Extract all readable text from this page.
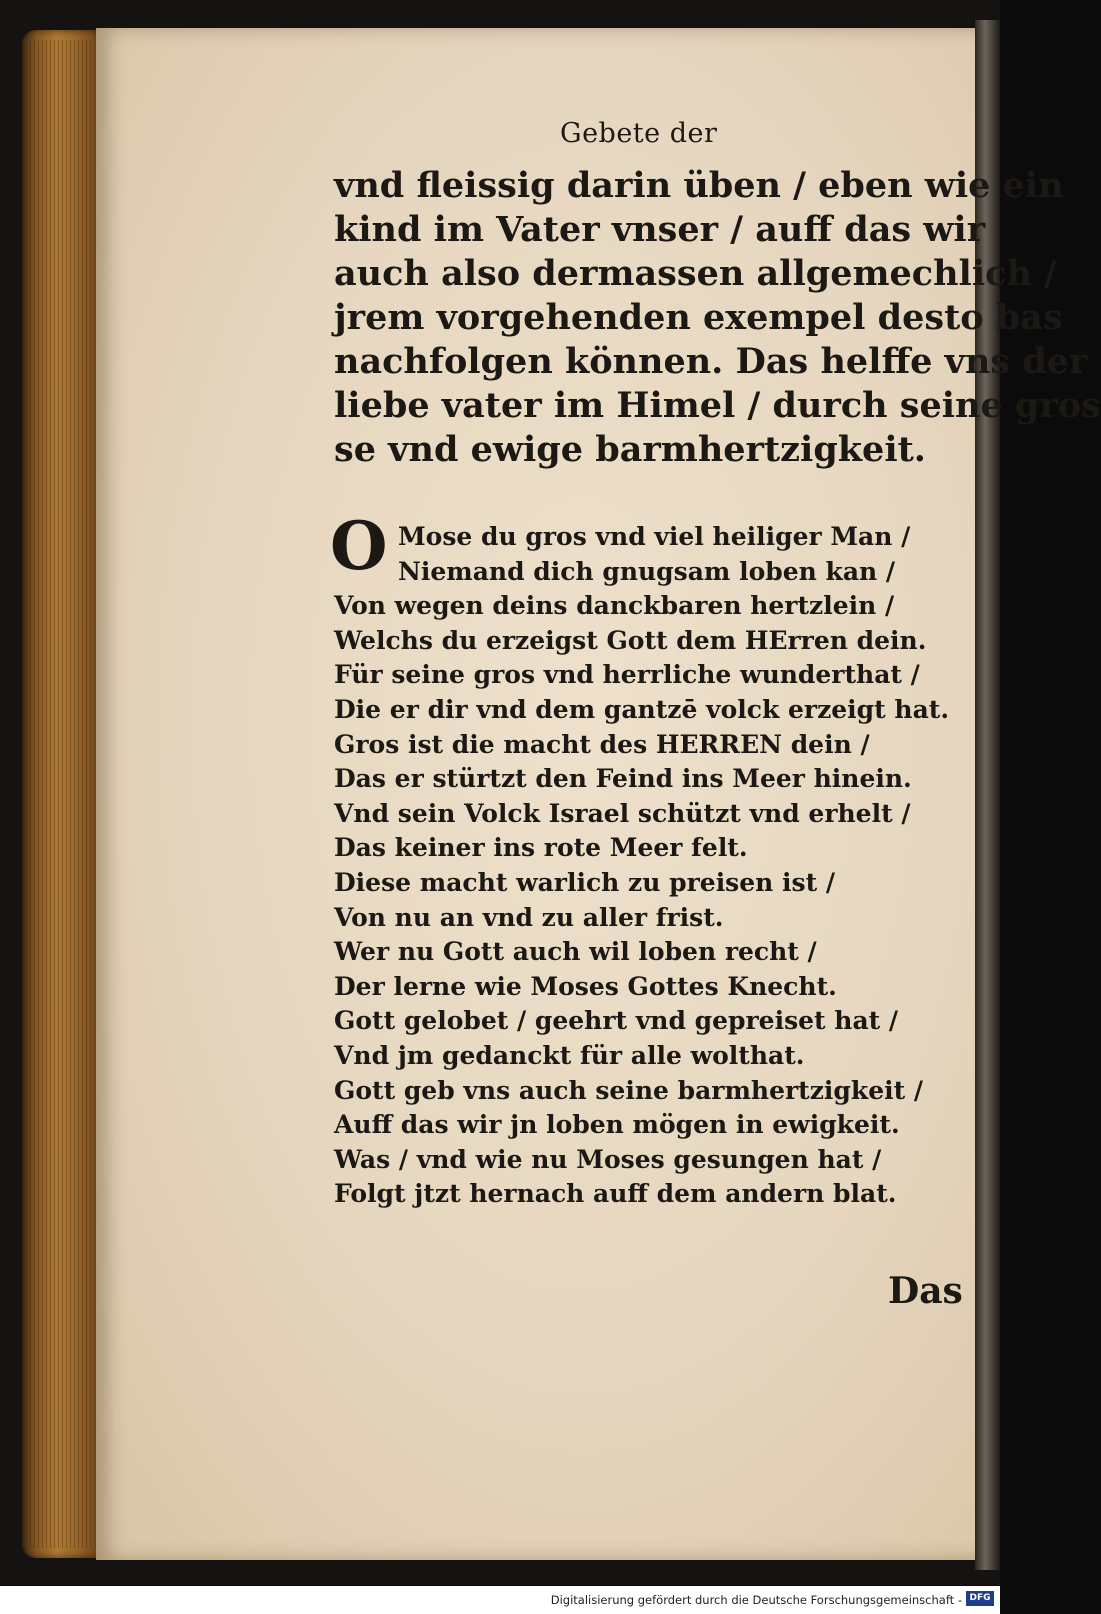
Gebete der
vnd fleissig darin üben / eben wie ein
kind im Vater vnser / auff das wir
auch also dermassen allgemechlich /
jrem vorgehenden exempel desto bas
nachfolgen können. Das helffe vns der
liebe vater im Himel / durch seine gros
se vnd ewige barmhertzigkeit.
O Mose du gros vnd viel heiliger Man /
Niemand dich gnugsam loben kan /
Von wegen deins danckbaren hertzlein /
Welchs du erzeigst Gott dem HErren dein.
Für seine gros vnd herrliche wunderthat /
Die er dir vnd dem gantzē volck erzeigt hat.
Gros ist die macht des HERREN dein /
Das er stürtzt den Feind ins Meer hinein.
Vnd sein Volck Israel schützt vnd erhelt /
Das keiner ins rote Meer felt.
Diese macht warlich zu preisen ist /
Von nu an vnd zu aller frist.
Wer nu Gott auch wil loben recht /
Der lerne wie Moses Gottes Knecht.
Gott gelobet / geehrt vnd gepreiset hat /
Vnd jm gedanckt für alle wolthat.
Gott geb vns auch seine barmhertzigkeit /
Auff das wir jn loben mögen in ewigkeit.
Was / vnd wie nu Moses gesungen hat /
Folgt jtzt hernach auff dem andern blat.
Das
Digitalisierung gefördert durch die Deutsche Forschungsgemeinschaft - DFG
